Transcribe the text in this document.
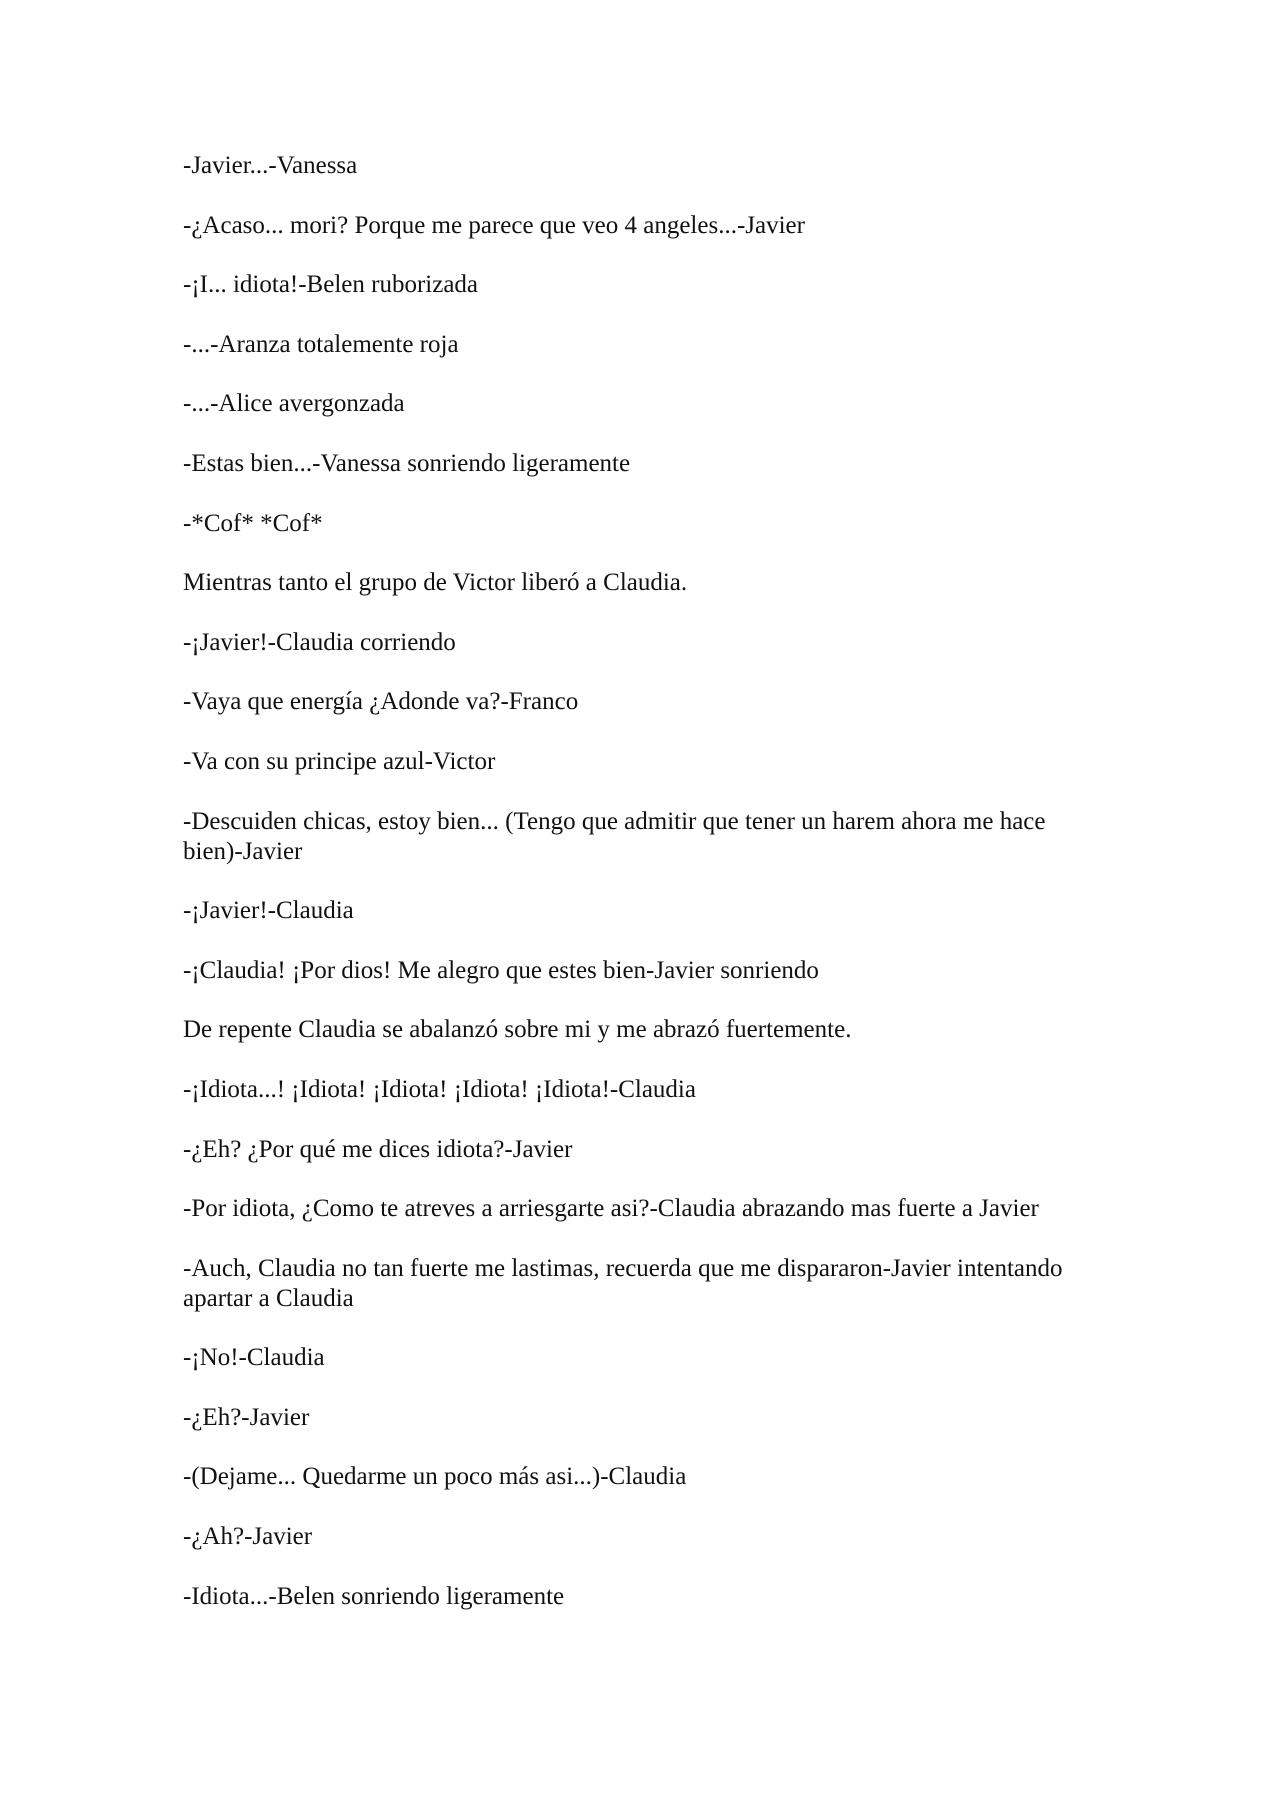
-Javier...-Vanessa

-¿Acaso... mori? Porque me parece que veo 4 angeles...-Javier

-¡I... idiota!-Belen ruborizada

-...-Aranza totalemente roja

-...-Alice avergonzada

-Estas bien...-Vanessa sonriendo ligeramente

-*Cof* *Cof*

Mientras tanto el grupo de Victor liberó a Claudia.

-¡Javier!-Claudia corriendo

-Vaya que energía ¿Adonde va?-Franco

-Va con su principe azul-Victor

-Descuiden chicas, estoy bien... (Tengo que admitir que tener un harem ahora me hace bien)-Javier

-¡Javier!-Claudia

-¡Claudia! ¡Por dios! Me alegro que estes bien-Javier sonriendo

De repente Claudia se abalanzó sobre mi y me abrazó fuertemente.

-¡Idiota...! ¡Idiota! ¡Idiota! ¡Idiota! ¡Idiota!-Claudia

-¿Eh? ¿Por qué me dices idiota?-Javier

-Por idiota, ¿Como te atreves a arriesgarte asi?-Claudia abrazando mas fuerte a Javier

-Auch, Claudia no tan fuerte me lastimas, recuerda que me dispararon-Javier intentando apartar a Claudia

-¡No!-Claudia

-¿Eh?-Javier

-(Dejame... Quedarme un poco más asi...)-Claudia

-¿Ah?-Javier

-Idiota...-Belen sonriendo ligeramente
